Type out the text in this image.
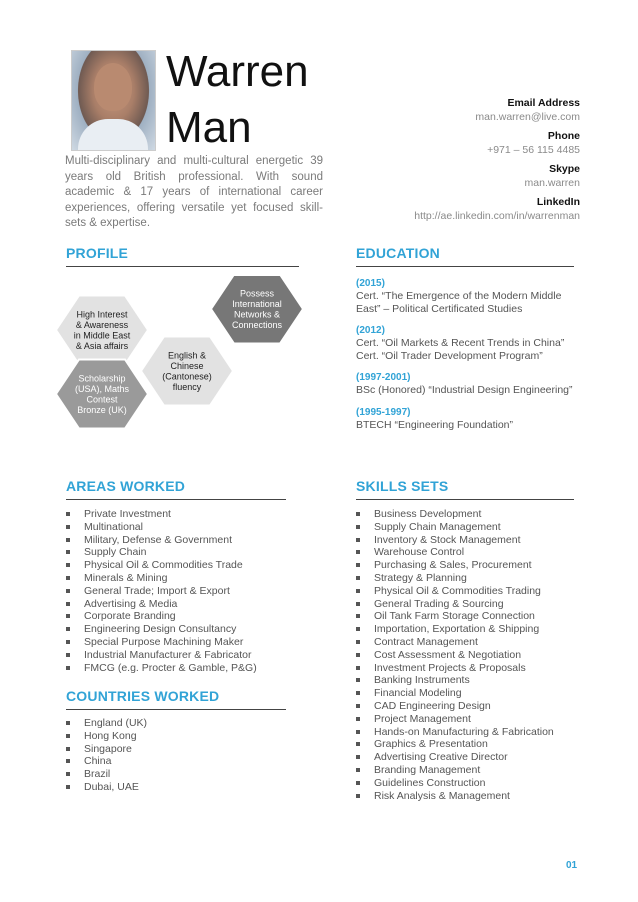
Warren
Man
Multi-disciplinary and multi-cultural energetic 39 years old British professional. With sound academic & 17 years of international career experiences, offering versatile yet focused skill-sets & expertise.
Email Address
man.warren@live.com
Phone
+971 – 56 115 4485
Skype
man.warren
LinkedIn
http://ae.linkedin.com/in/warrenman
PROFILE
High Interest & Awareness in Middle East & Asia affairs
Possess International Networks & Connections
English & Chinese (Cantonese) fluency
Scholarship (USA), Maths Contest Bronze (UK)
EDUCATION
(2015)
Cert. “The Emergence of the Modern Middle
East” – Political Certificated Studies
(2012)
Cert. “Oil Markets & Recent Trends in China”
Cert. “Oil Trader Development Program”
(1997-2001)
BSc (Honored) “Industrial Design Engineering”
(1995-1997)
BTECH “Engineering Foundation”
AREAS WORKED
Private Investment
Multinational
Military, Defense & Government
Supply Chain
Physical Oil & Commodities Trade
Minerals & Mining
General Trade; Import & Export
Advertising & Media
Corporate Branding
Engineering Design Consultancy
Special Purpose Machining Maker
Industrial Manufacturer & Fabricator
FMCG (e.g. Procter & Gamble, P&G)
COUNTRIES WORKED
England (UK)
Hong Kong
Singapore
China
Brazil
Dubai, UAE
SKILLS SETS
Business Development
Supply Chain Management
Inventory & Stock Management
Warehouse Control
Purchasing & Sales, Procurement
Strategy & Planning
Physical Oil & Commodities Trading
General Trading & Sourcing
Oil Tank Farm Storage Connection
Importation, Exportation & Shipping
Contract Management
Cost Assessment & Negotiation
Investment Projects & Proposals
Banking Instruments
Financial Modeling
CAD Engineering Design
Project Management
Hands-on Manufacturing & Fabrication
Graphics & Presentation
Advertising Creative Director
Branding Management
Guidelines Construction
Risk Analysis & Management
01
